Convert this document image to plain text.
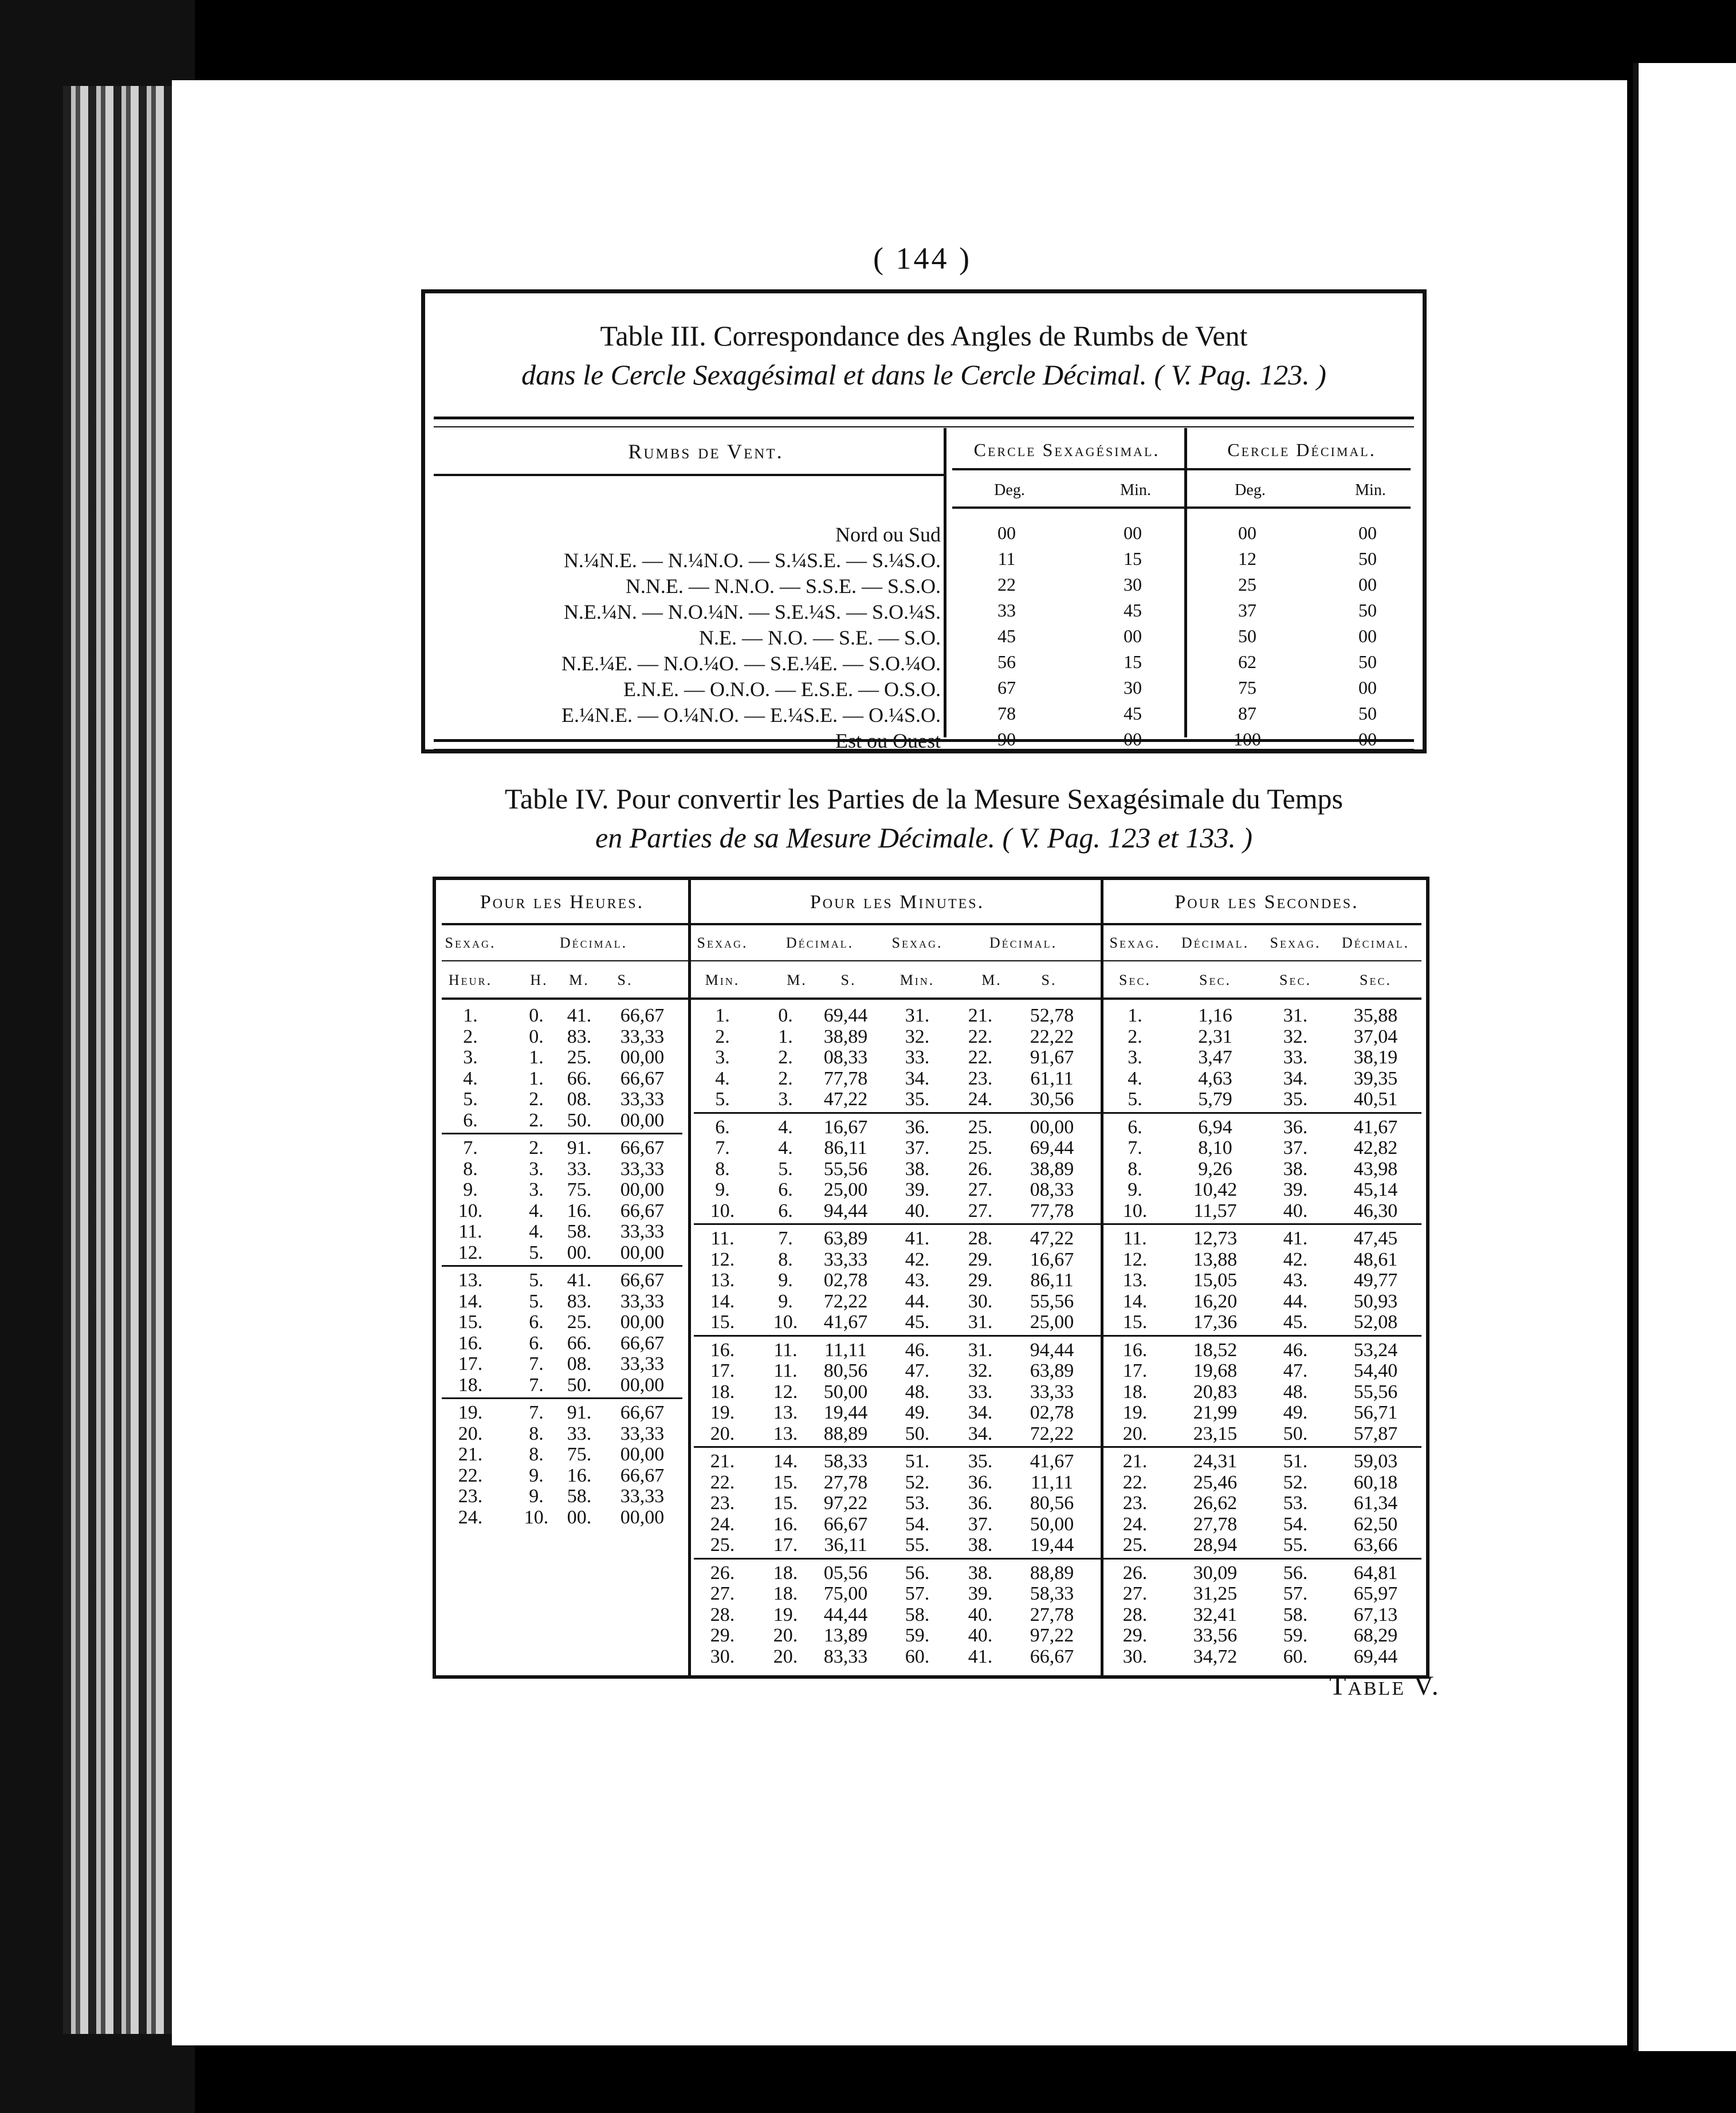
( 144 )
Table III. Correspondance des Angles de Rumbs de Vent
dans le Cercle Sexagésimal et dans le Cercle Décimal. ( V. Pag. 123. )
Rumbs de Vent.	Cercle Sexagésimal.	Cercle Décimal.
Deg.	Min.	Deg.	Min.
Nord ou Sud	00	00	00	00
N.¼N.E. — N.¼N.O. — S.¼S.E. — S.¼S.O.	11	15	12	50
N.N.E. — N.N.O. — S.S.E. — S.S.O.	22	30	25	00
N.E.¼N. — N.O.¼N. — S.E.¼S. — S.O.¼S.	33	45	37	50
N.E. — N.O. — S.E. — S.O.	45	00	50	00
N.E.¼E. — N.O.¼O. — S.E.¼E. — S.O.¼O.	56	15	62	50
E.N.E. — O.N.O. — E.S.E. — O.S.O.	67	30	75	00
E.¼N.E. — O.¼N.O. — E.¼S.E. — O.¼S.O.	78	45	87	50
Est ou Ouest	90	00	100	00
Table IV. Pour convertir les Parties de la Mesure Sexagésimale du Temps
en Parties de sa Mesure Décimale. ( V. Pag. 123 et 133. )
Pour les Heures.	Pour les Minutes.	Pour les Secondes.
Sexag.	Décimal.
Heur.	H.	M.	S.
Sexag.	Décimal.	Sexag.	Décimal.
Min.	M.	S.	Min.	M.	S.
Sexag.	Décimal.	Sexag.	Décimal.
Sec.	Sec.	Sec.	Sec.
1.	0.	41.	66,67
2.	0.	83.	33,33
3.	1.	25.	00,00
4.	1.	66.	66,67
5.	2.	08.	33,33
6.	2.	50.	00,00
7.	2.	91.	66,67
8.	3.	33.	33,33
9.	3.	75.	00,00
10.	4.	16.	66,67
11.	4.	58.	33,33
12.	5.	00.	00,00
13.	5.	41.	66,67
14.	5.	83.	33,33
15.	6.	25.	00,00
16.	6.	66.	66,67
17.	7.	08.	33,33
18.	7.	50.	00,00
19.	7.	91.	66,67
20.	8.	33.	33,33
21.	8.	75.	00,00
22.	9.	16.	66,67
23.	9.	58.	33,33
24.	10. 00.	00,00
1.	0.	69,44	31.	21.	52,78
2.	1.	38,89	32.	22.	22,22
3.	2.	08,33	33.	22.	91,67
4.	2.	77,78	34.	23.	61,11
5.	3.	47,22	35.	24.	30,56
6.	4.	16,67	36.	25.	00,00
7.	4.	86,11	37.	25.	69,44
8.	5.	55,56	38.	26.	38,89
9.	6.	25,00	39.	27.	08,33
10.	6.	94,44	40.	27.	77,78
11.	7.	63,89	41.	28.	47,22
12.	8.	33,33	42.	29.	16,67
13.	9.	02,78	43.	29.	86,11
14.	9.	72,22	44.	30.	55,56
15.	10.	41,67	45.	31.	25,00
16.	11.	11,11	46.	31.	94,44
17.	11.	80,56	47.	32.	63,89
18.	12.	50,00	48.	33.	33,33
19.	13.	19,44	49.	34.	02,78
20.	13.	88,89	50.	34.	72,22
21.	14.	58,33	51.	35.	41,67
22.	15.	27,78	52.	36.	11,11
23.	15.	97,22	53.	36.	80,56
24.	16.	66,67	54.	37.	50,00
25.	17.	36,11	55.	38.	19,44
26.	18.	05,56	56.	38.	88,89
27.	18.	75,00	57.	39.	58,33
28.	19.	44,44	58.	40.	27,78
29.	20.	13,89	59.	40.	97,22
30.	20.	83,33	60.	41.	66,67
1.	1,16	31.	35,88
2.	2,31	32.	37,04
3.	3,47	33.	38,19
4.	4,63	34.	39,35
5.	5,79	35.	40,51
6.	6,94	36.	41,67
7.	8,10	37.	42,82
8.	9,26	38.	43,98
9.	10,42	39.	45,14
10.	11,57	40.	46,30
11.	12,73	41.	47,45
12.	13,88	42.	48,61
13.	15,05	43.	49,77
14.	16,20	44.	50,93
15.	17,36	45.	52,08
16.	18,52	46.	53,24
17.	19,68	47.	54,40
18.	20,83	48.	55,56
19.	21,99	49.	56,71
20.	23,15	50.	57,87
21.	24,31	51.	59,03
22.	25,46	52.	60,18
23.	26,62	53.	61,34
24.	27,78	54.	62,50
25.	28,94	55.	63,66
26.	30,09	56.	64,81
27.	31,25	57.	65,97
28.	32,41	58.	67,13
29.	33,56	59.	68,29
30.	34,72	60.	69,44
Table V.
